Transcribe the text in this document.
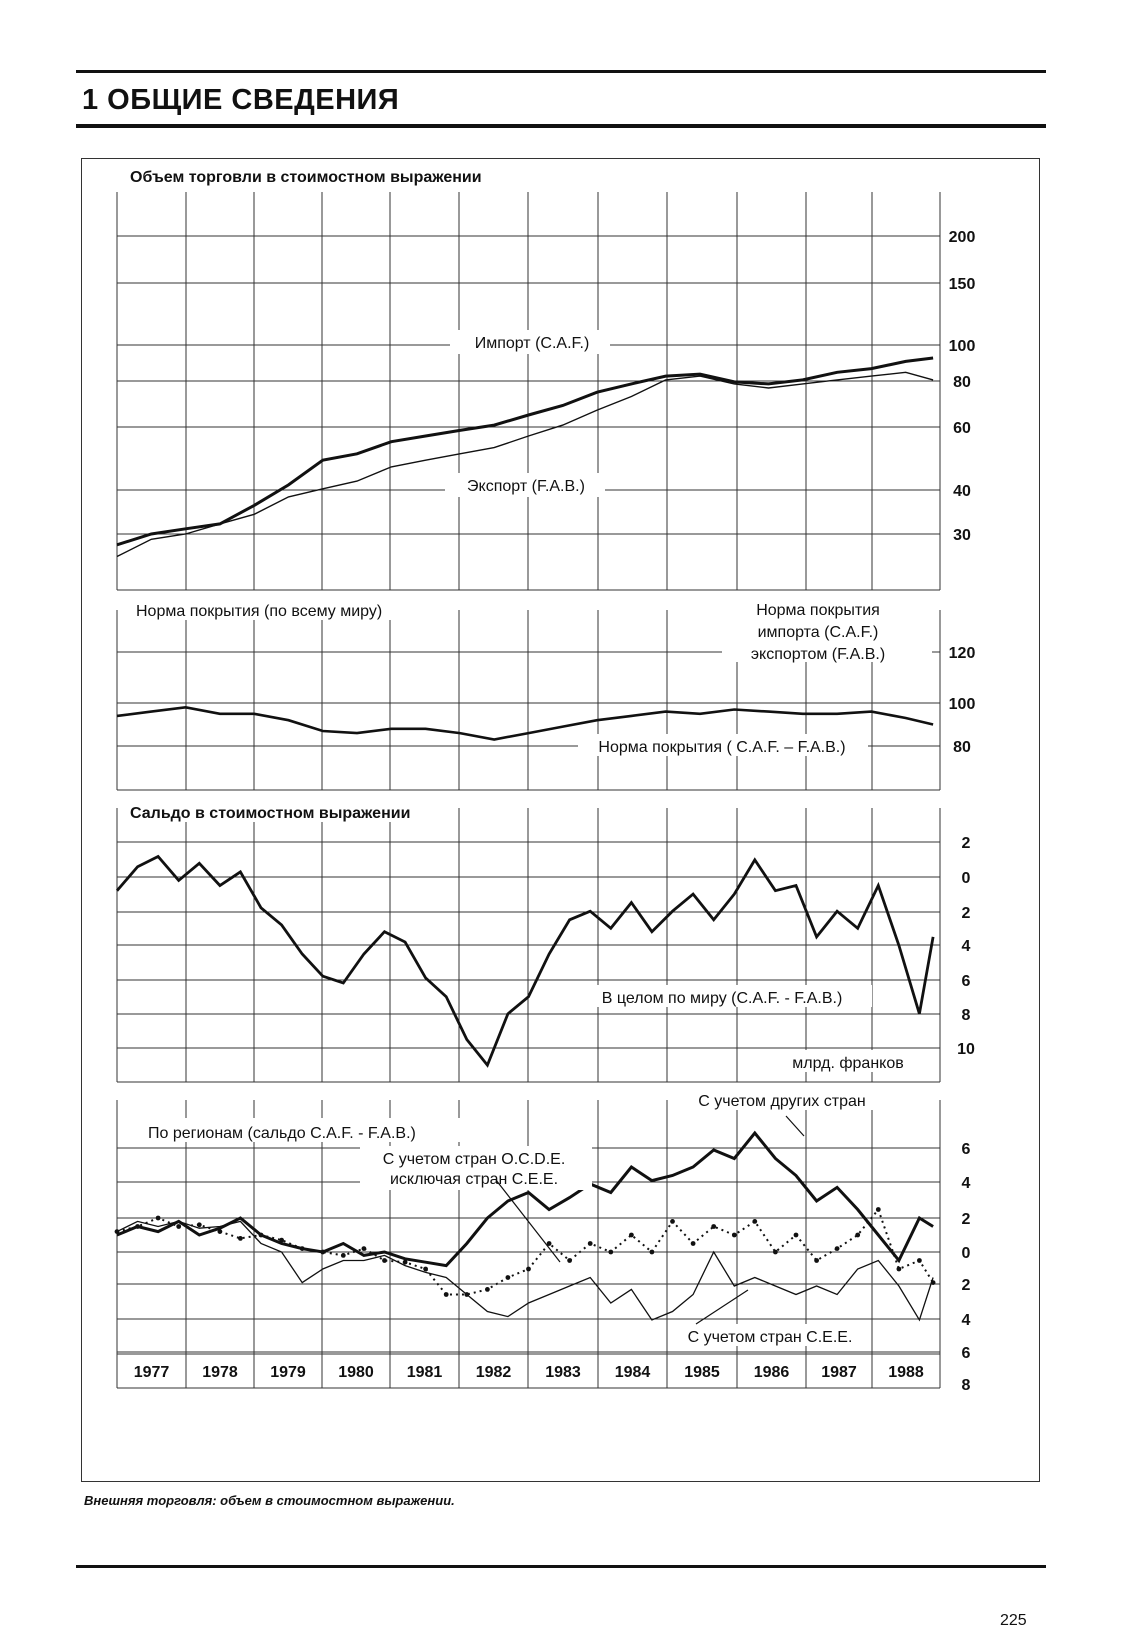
1 ОБЩИЕ СВЕДЕНИЯ
Объем торговли в стоимостном выражении
200
150
100
80
60
40
30
Импорт (C.A.F.)
Экспорт (F.A.B.)
Норма покрытия (по всему миру)
120
100
80
Норма покрытия импорта (C.A.F.) экспортом (F.A.B.)
Норма покрытия ( C.A.F. – F.A.B.)
Сальдо в стоимостном выражении
2
0
2
4
6
8
10
В целом по миру (C.A.F. - F.A.B.)
млрд. франков
6
4
2
0
2
4
6
8
По регионам (сальдо C.A.F. - F.A.B.)
С учетом других стран
С учетом стран O.C.D.E. исключая стран C.E.E.
С учетом стран C.E.E.
1977 1978 1979 1980 1981 1982 1983 1984 1985 1986 1987 1988
Внешняя торговля: объем в стоимостном выражении.
225
